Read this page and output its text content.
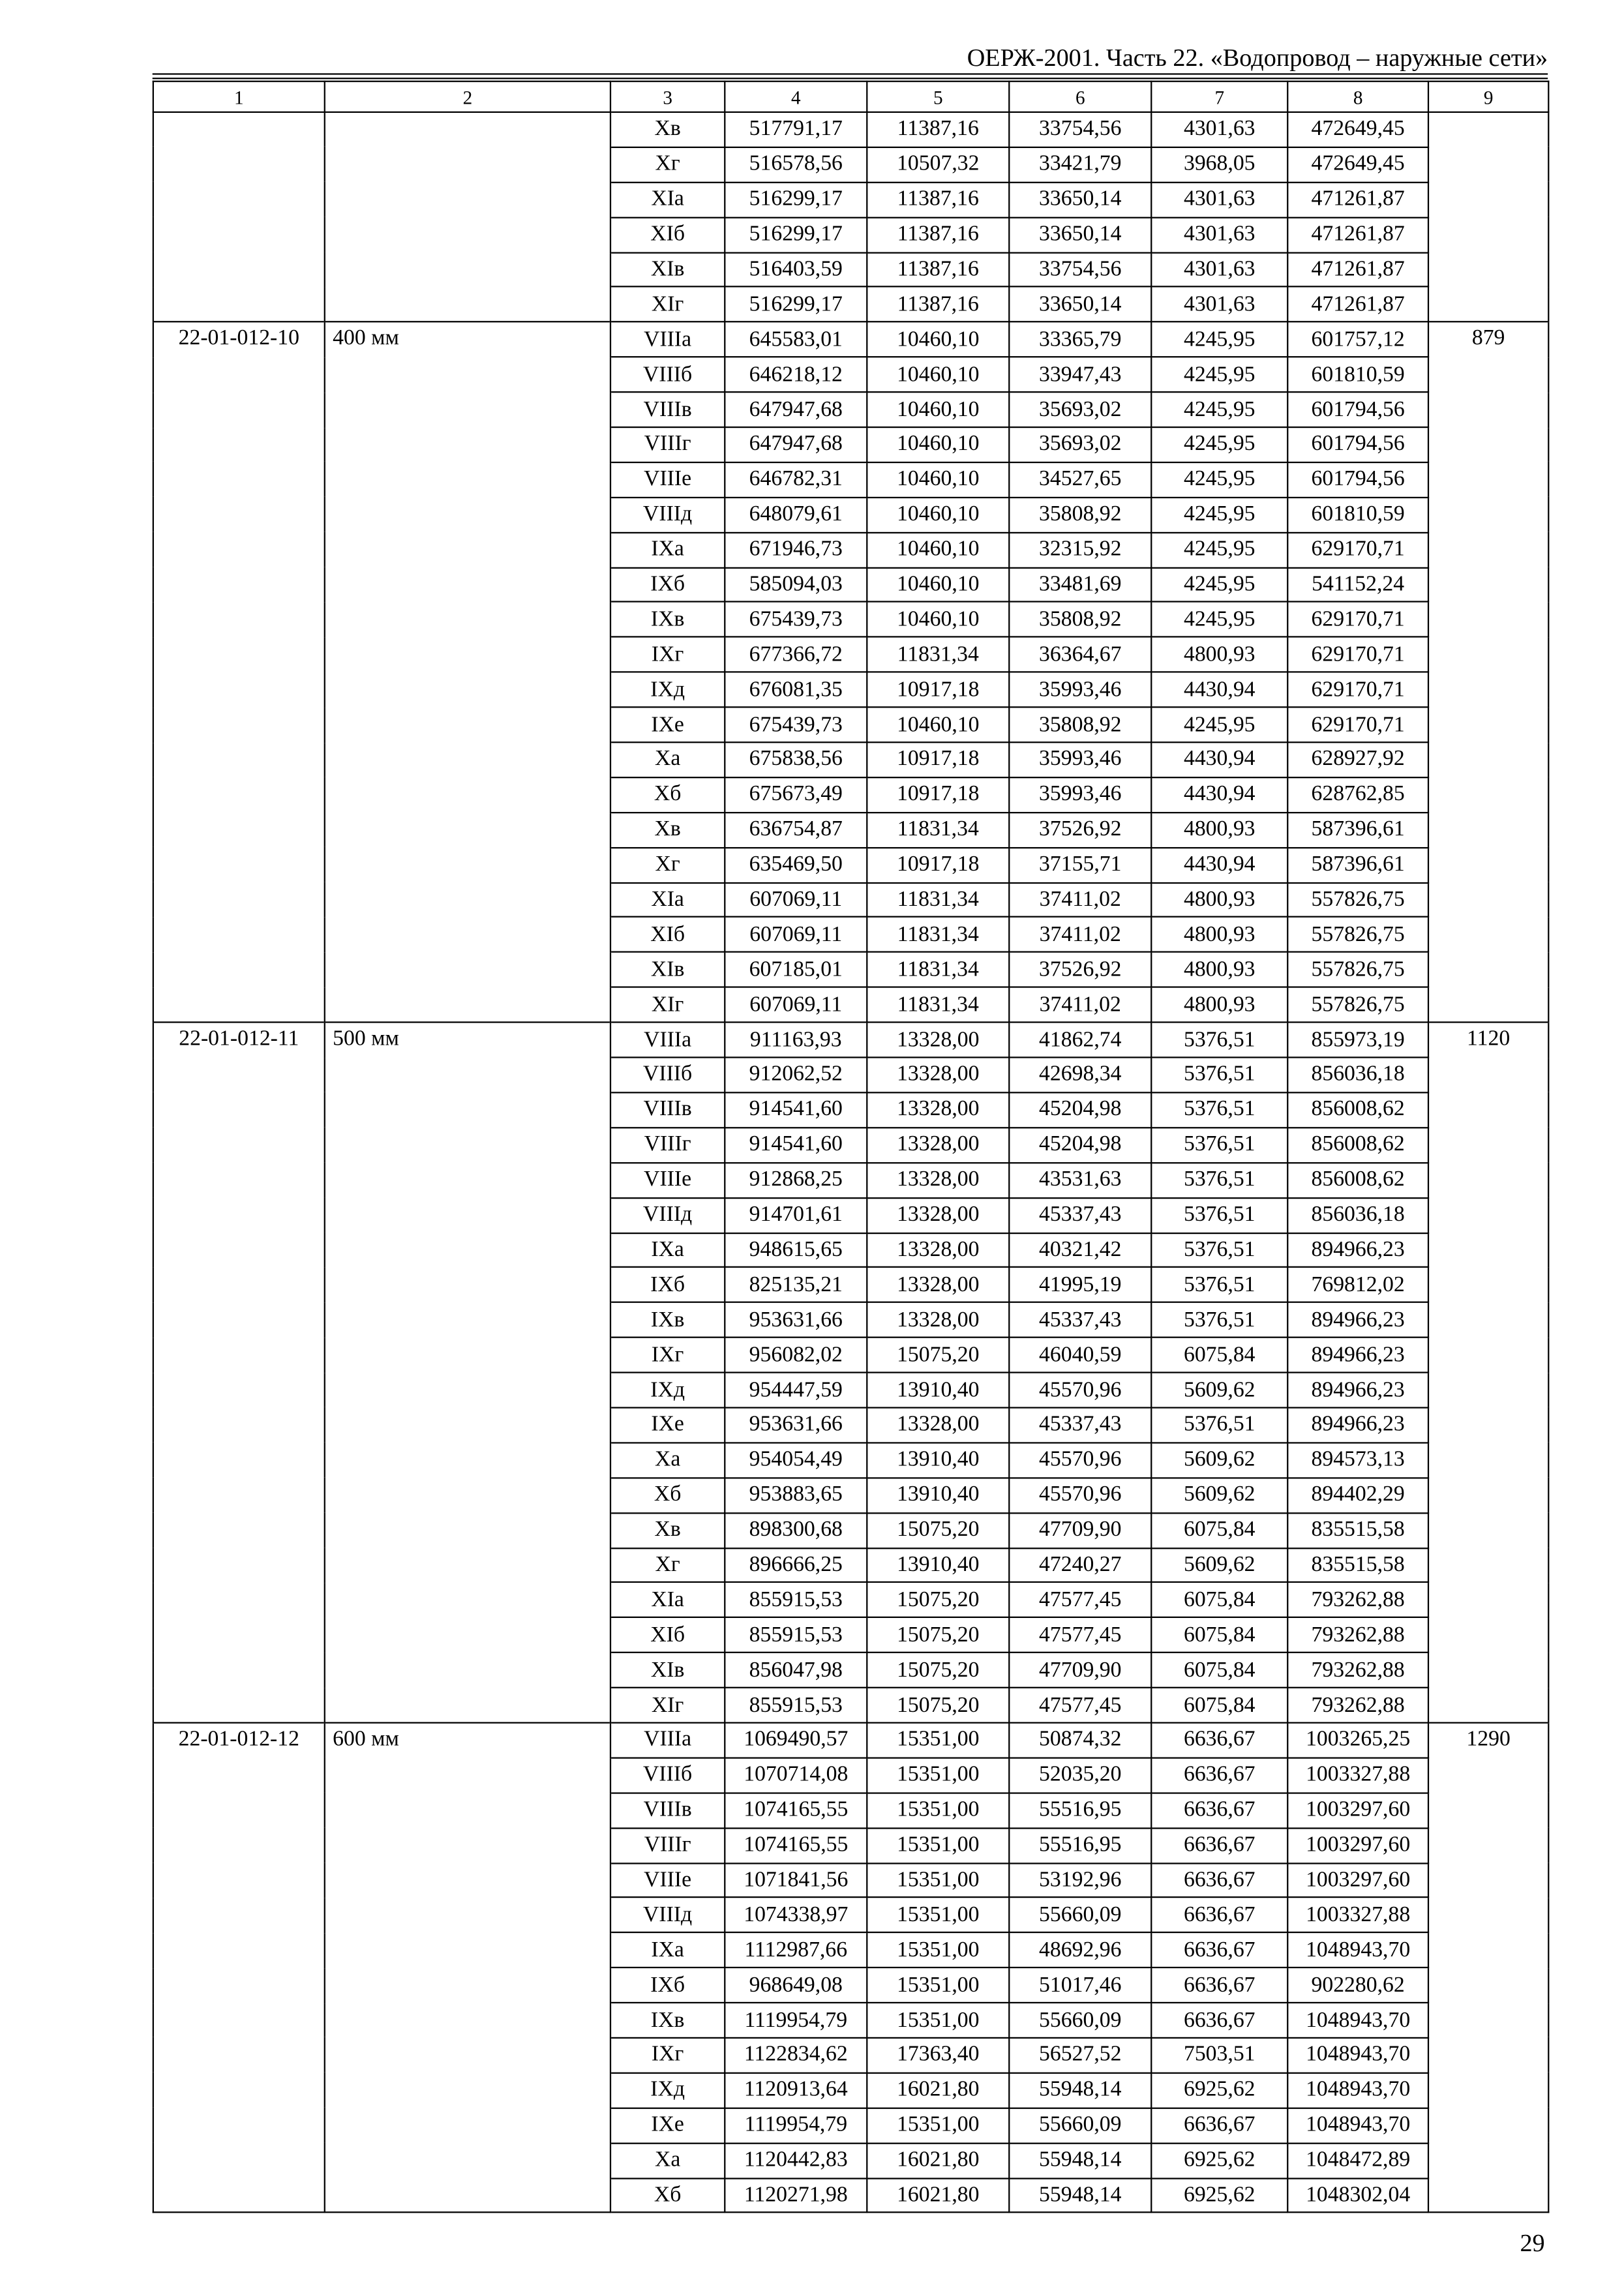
ОЕРЖ-2001. Часть 22. «Водопровод – наружные сети»
1	2	3	4	5	6	7	8	9
		Хв	517791,17	11387,16	33754,56	4301,63	472649,45	
		Хг	516578,56	10507,32	33421,79	3968,05	472649,45	
		ХIа	516299,17	11387,16	33650,14	4301,63	471261,87	
		ХIб	516299,17	11387,16	33650,14	4301,63	471261,87	
		ХIв	516403,59	11387,16	33754,56	4301,63	471261,87	
		ХIг	516299,17	11387,16	33650,14	4301,63	471261,87	
22-01-012-10	400 мм	VIIIа	645583,01	10460,10	33365,79	4245,95	601757,12	879
		VIIIб	646218,12	10460,10	33947,43	4245,95	601810,59	
		VIIIв	647947,68	10460,10	35693,02	4245,95	601794,56	
		VIIIг	647947,68	10460,10	35693,02	4245,95	601794,56	
		VIIIе	646782,31	10460,10	34527,65	4245,95	601794,56	
		VIIIд	648079,61	10460,10	35808,92	4245,95	601810,59	
		IХа	671946,73	10460,10	32315,92	4245,95	629170,71	
		IХб	585094,03	10460,10	33481,69	4245,95	541152,24	
		IХв	675439,73	10460,10	35808,92	4245,95	629170,71	
		IХг	677366,72	11831,34	36364,67	4800,93	629170,71	
		IХд	676081,35	10917,18	35993,46	4430,94	629170,71	
		IХе	675439,73	10460,10	35808,92	4245,95	629170,71	
		Ха	675838,56	10917,18	35993,46	4430,94	628927,92	
		Хб	675673,49	10917,18	35993,46	4430,94	628762,85	
		Хв	636754,87	11831,34	37526,92	4800,93	587396,61	
		Хг	635469,50	10917,18	37155,71	4430,94	587396,61	
		ХIа	607069,11	11831,34	37411,02	4800,93	557826,75	
		ХIб	607069,11	11831,34	37411,02	4800,93	557826,75	
		ХIв	607185,01	11831,34	37526,92	4800,93	557826,75	
		ХIг	607069,11	11831,34	37411,02	4800,93	557826,75	
22-01-012-11	500 мм	VIIIа	911163,93	13328,00	41862,74	5376,51	855973,19	1120
		VIIIб	912062,52	13328,00	42698,34	5376,51	856036,18	
		VIIIв	914541,60	13328,00	45204,98	5376,51	856008,62	
		VIIIг	914541,60	13328,00	45204,98	5376,51	856008,62	
		VIIIе	912868,25	13328,00	43531,63	5376,51	856008,62	
		VIIIд	914701,61	13328,00	45337,43	5376,51	856036,18	
		IХа	948615,65	13328,00	40321,42	5376,51	894966,23	
		IХб	825135,21	13328,00	41995,19	5376,51	769812,02	
		IХв	953631,66	13328,00	45337,43	5376,51	894966,23	
		IХг	956082,02	15075,20	46040,59	6075,84	894966,23	
		IХд	954447,59	13910,40	45570,96	5609,62	894966,23	
		IХе	953631,66	13328,00	45337,43	5376,51	894966,23	
		Ха	954054,49	13910,40	45570,96	5609,62	894573,13	
		Хб	953883,65	13910,40	45570,96	5609,62	894402,29	
		Хв	898300,68	15075,20	47709,90	6075,84	835515,58	
		Хг	896666,25	13910,40	47240,27	5609,62	835515,58	
		ХIа	855915,53	15075,20	47577,45	6075,84	793262,88	
		ХIб	855915,53	15075,20	47577,45	6075,84	793262,88	
		ХIв	856047,98	15075,20	47709,90	6075,84	793262,88	
		ХIг	855915,53	15075,20	47577,45	6075,84	793262,88	
22-01-012-12	600 мм	VIIIа	1069490,57	15351,00	50874,32	6636,67	1003265,25	1290
		VIIIб	1070714,08	15351,00	52035,20	6636,67	1003327,88	
		VIIIв	1074165,55	15351,00	55516,95	6636,67	1003297,60	
		VIIIг	1074165,55	15351,00	55516,95	6636,67	1003297,60	
		VIIIе	1071841,56	15351,00	53192,96	6636,67	1003297,60	
		VIIIд	1074338,97	15351,00	55660,09	6636,67	1003327,88	
		IХа	1112987,66	15351,00	48692,96	6636,67	1048943,70	
		IХб	968649,08	15351,00	51017,46	6636,67	902280,62	
		IХв	1119954,79	15351,00	55660,09	6636,67	1048943,70	
		IХг	1122834,62	17363,40	56527,52	7503,51	1048943,70	
		IХд	1120913,64	16021,80	55948,14	6925,62	1048943,70	
		IХе	1119954,79	15351,00	55660,09	6636,67	1048943,70	
		Ха	1120442,83	16021,80	55948,14	6925,62	1048472,89	
		Хб	1120271,98	16021,80	55948,14	6925,62	1048302,04	
29
